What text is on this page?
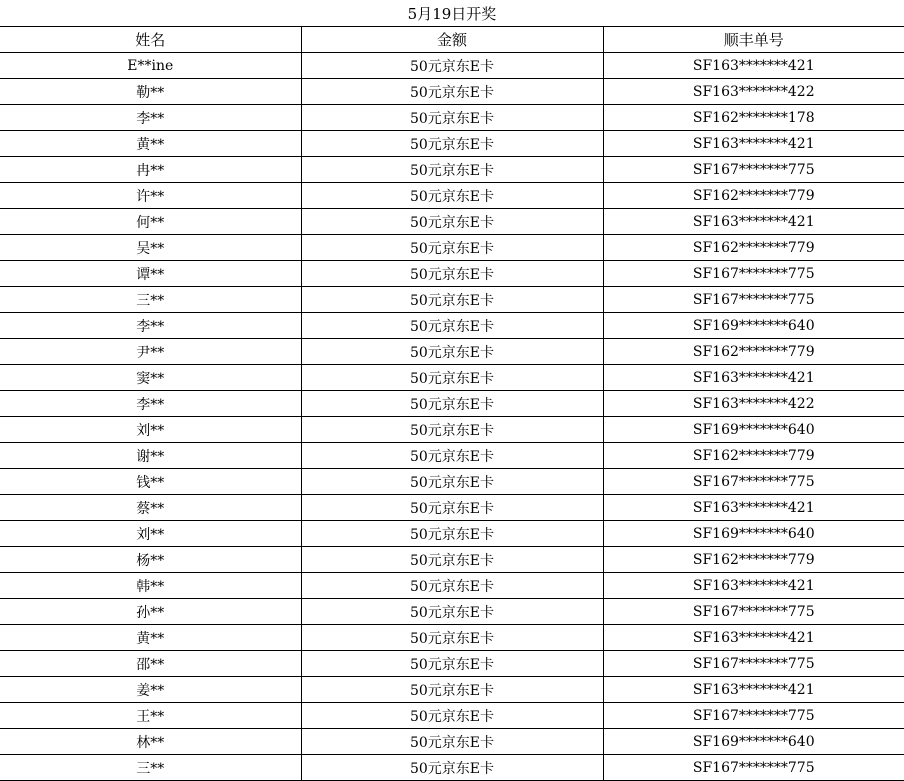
5月19日开奖
姓名	金额	顺丰单号
E**ine	50元京东E卡	SF163*******421
勒**	50元京东E卡	SF163*******422
李**	50元京东E卡	SF162*******178
黄**	50元京东E卡	SF163*******421
冉**	50元京东E卡	SF167*******775
许**	50元京东E卡	SF162*******779
何**	50元京东E卡	SF163*******421
吴**	50元京东E卡	SF162*******779
谭**	50元京东E卡	SF167*******775
三**	50元京东E卡	SF167*******775
李**	50元京东E卡	SF169*******640
尹**	50元京东E卡	SF162*******779
窦**	50元京东E卡	SF163*******421
李**	50元京东E卡	SF163*******422
刘**	50元京东E卡	SF169*******640
谢**	50元京东E卡	SF162*******779
钱**	50元京东E卡	SF167*******775
蔡**	50元京东E卡	SF163*******421
刘**	50元京东E卡	SF169*******640
杨**	50元京东E卡	SF162*******779
韩**	50元京东E卡	SF163*******421
孙**	50元京东E卡	SF167*******775
黄**	50元京东E卡	SF163*******421
邵**	50元京东E卡	SF167*******775
姜**	50元京东E卡	SF163*******421
王**	50元京东E卡	SF167*******775
林**	50元京东E卡	SF169*******640
三**	50元京东E卡	SF167*******775
